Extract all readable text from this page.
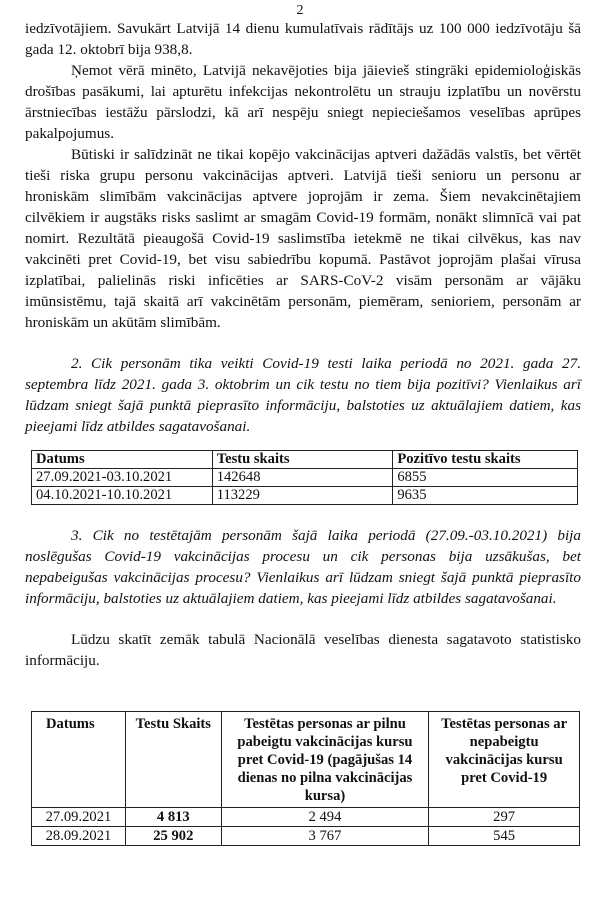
2

iedzīvotājiem. Savukārt Latvijā 14 dienu kumulatīvais rādītājs uz 100 000 iedzīvotāju šā gada 12. oktobrī bija 938,8.

Ņemot vērā minēto, Latvijā nekavējoties bija jāievieš stingrāki epidemioloģiskās drošības pasākumi, lai apturētu infekcijas nekontrolētu un strauju izplatību un novērstu ārstniecības iestāžu pārslodzi, kā arī nespēju sniegt nepieciešamos veselības aprūpes pakalpojumus.

Būtiski ir salīdzināt ne tikai kopējo vakcinācijas aptveri dažādās valstīs, bet vērtēt tieši riska grupu personu vakcinācijas aptveri. Latvijā tieši senioru un personu ar hroniskām slimībām vakcinācijas aptvere joprojām ir zema. Šiem nevakcinētajiem cilvēkiem ir augstāks risks saslimt ar smagām Covid-19 formām, nonākt slimnīcā vai pat nomirt. Rezultātā pieaugošā Covid-19 saslimstība ietekmē ne tikai cilvēkus, kas nav vakcinēti pret Covid-19, bet visu sabiedrību kopumā. Pastāvot joprojām plašai vīrusa izplatībai, palielinās riski inficēties ar SARS-CoV-2 visām personām ar vājāku imūnsistēmu, tajā skaitā arī vakcinētām personām, piemēram, senioriem, personām ar hroniskām un akūtām slimībām.

2. Cik personām tika veikti Covid-19 testi laika periodā no 2021. gada 27. septembra līdz 2021. gada 3. oktobrim un cik testu no tiem bija pozitīvi? Vienlaikus arī lūdzam sniegt šajā punktā pieprasīto informāciju, balstoties uz aktuālajiem datiem, kas pieejami līdz atbildes sagatavošanai.

Datums	Testu skaits	Pozitīvo testu skaits
27.09.2021-03.10.2021	142648	6855
04.10.2021-10.10.2021	113229	9635

3. Cik no testētajām personām šajā laika periodā (27.09.-03.10.2021) bija noslēgušas Covid-19 vakcinācijas procesu un cik personas bija uzsākušas, bet nepabeigušas vakcinācijas procesu? Vienlaikus arī lūdzam sniegt šajā punktā pieprasīto informāciju, balstoties uz aktuālajiem datiem, kas pieejami līdz atbildes sagatavošanai.

Lūdzu skatīt zemāk tabulā Nacionālā veselības dienesta sagatavoto statistisko informāciju.

Datums	Testu Skaits	Testētas personas ar pilnu pabeigtu vakcinācijas kursu pret Covid-19 (pagājušas 14 dienas no pilna vakcinācijas kursa)	Testētas personas ar nepabeigtu vakcinācijas kursu pret Covid-19
27.09.2021	4 813	2 494	297
28.09.2021	25 902	3 767	545
